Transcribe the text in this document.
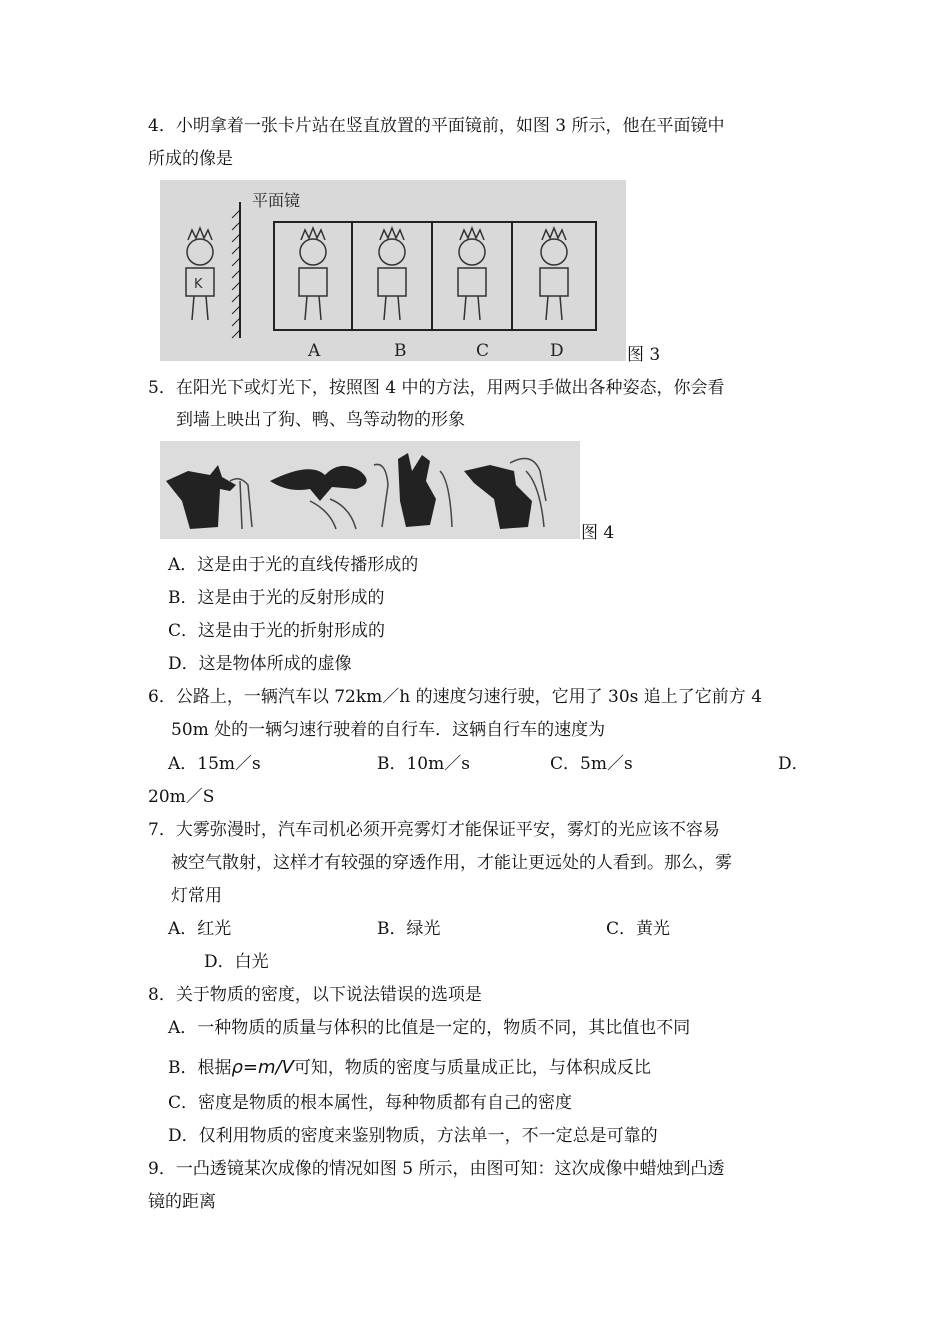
4．小明拿着一张卡片站在竖直放置的平面镜前，如图 3 所示，他在平面镜中
所成的像是
平面镜
K
A	B	C	D	图 3
5．在阳光下或灯光下，按照图 4 中的方法，用两只手做出各种姿态，你会看
到墙上映出了狗、鸭、鸟等动物的形象
图 4
A．这是由于光的直线传播形成的
B．这是由于光的反射形成的
C．这是由于光的折射形成的
D．这是物体所成的虚像
6．公路上，一辆汽车以 72km／h 的速度匀速行驶，它用了 30s 追上了它前方 4
50m 处的一辆匀速行驶着的自行车．这辆自行车的速度为
A．15m／s	B．10m／s	C．5m／s	D．
20m／S
7．大雾弥漫时，汽车司机必须开亮雾灯才能保证平安，雾灯的光应该不容易
被空气散射，这样才有较强的穿透作用，才能让更远处的人看到。那么，雾
灯常用
A．红光	B．绿光	C．黄光
D．白光
8．关于物质的密度，以下说法错误的选项是
A．一种物质的质量与体积的比值是一定的，物质不同，其比值也不同
B．根据ρ=m/V可知，物质的密度与质量成正比，与体积成反比
C．密度是物质的根本属性，每种物质都有自己的密度
D．仅利用物质的密度来鉴别物质，方法单一，不一定总是可靠的
9．一凸透镜某次成像的情况如图 5 所示，由图可知：这次成像中蜡烛到凸透
镜的距离
